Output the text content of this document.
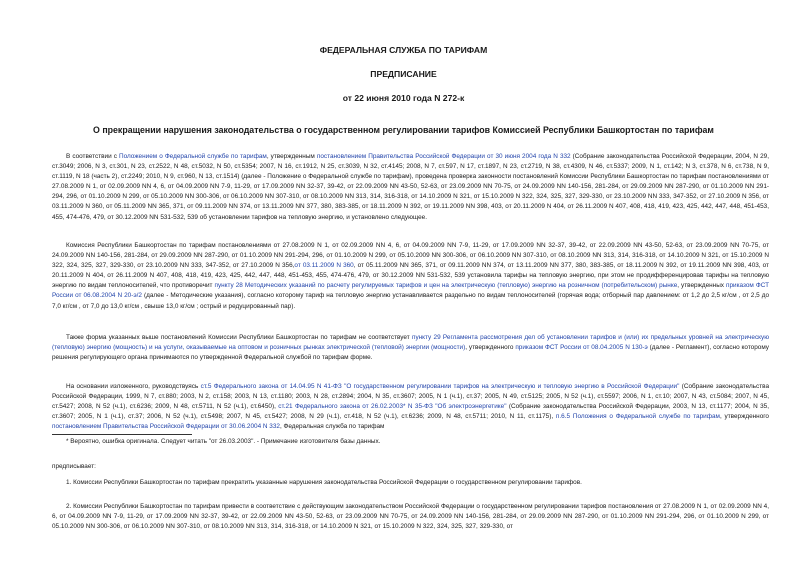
ФЕДЕРАЛЬНАЯ СЛУЖБА ПО ТАРИФАМ
ПРЕДПИСАНИЕ
от 22 июня 2010 года N 272-к
О прекращении нарушения законодательства о государственном регулировании тарифов Комиссией Республики Башкортостан по тарифам

В соответствии с Положением о Федеральной службе по тарифам, утвержденным постановлением Правительства Российской Федерации от 30 июня 2004 года N 332 (Собрание законодательства Российской Федерации, 2004, N 29, ст.3049; 2006, N 3, ст.301, N 23, ст.2522, N 48, ст.5032, N 50, ст.5354; 2007, N 16, ст.1912, N 25, ст.3039, N 32, ст.4145; 2008, N 7, ст.597, N 17, ст.1897, N 23, ст.2719, N 38, ст.4309, N 46, ст.5337; 2009, N 1, ст.142; N 3, ст.378, N 6, ст.738, N 9, ст.1119, N 18 (часть 2), ст.2249; 2010, N 9, ст.960, N 13, ст.1514) (далее - Положение о Федеральной службе по тарифам), проведена проверка законности постановлений Комиссии Республики Башкортостан по тарифам постановлениями от 27.08.2009 N 1, от 02.09.2009 NN 4, 6, от 04.09.2009 NN 7-9, 11-29, от 17.09.2009 NN 32-37, 39-42, от 22.09.2009 NN 43-50, 52-63, от 23.09.2009 NN 70-75, от 24.09.2009 NN 140-156, 281-284, от 29.09.2009 NN 287-290, от 01.10.2009 NN 291-294, 296, от 01.10.2009 N 299, от 05.10.2009 NN 300-306, от 06.10.2009 NN 307-310, от 08.10.2009 NN 313, 314, 316-318, от 14.10.2009 N 321, от 15.10.2009 N 322, 324, 325, 327, 329-330, от 23.10.2009 NN 333, 347-352, от 27.10.2009 N 356, от 03.11.2009 N 360, от 05.11.2009 NN 365, 371, от 09.11.2009 NN 374, от 13.11.2009 NN 377, 380, 383-385, от 18.11.2009 N 392, от 19.11.2009 NN 398, 403, от 20.11.2009 N 404, от 26.11.2009 N 407, 408, 418, 419, 423, 425, 442, 447, 448, 451-453, 455, 474-476, 479, от 30.12.2009 NN 531-532, 539 об установлении тарифов на тепловую энергию, и установлено следующее.

Комиссия Республики Башкортостан по тарифам постановлениями от 27.08.2009 N 1, от 02.09.2009 NN 4, 6, от 04.09.2009 NN 7-9, 11-29, от 17.09.2009 NN 32-37, 39-42, от 22.09.2009 NN 43-50, 52-63, от 23.09.2009 NN 70-75, от 24.09.2009 NN 140-156, 281-284, от 29.09.2009 NN 287-290, от 01.10.2009 NN 291-294, 296, от 01.10.2009 N 299, от 05.10.2009 NN 300-306, от 06.10.2009 NN 307-310, от 08.10.2009 NN 313, 314, 316-318, от 14.10.2009 N 321, от 15.10.2009 N 322, 324, 325, 327, 329-330, от 23.10.2009 NN 333, 347-352, от 27.10.2009 N 356,от 03.11.2009 N 360, от 05.11.2009 NN 365, 371, от 09.11.2009 NN 374, от 13.11.2009 NN 377, 380, 383-385, от 18.11.2009 N 392, от 19.11.2009 NN 398, 403, от 20.11.2009 N 404, от 26.11.2009 N 407, 408, 418, 419, 423, 425, 442, 447, 448, 451-453, 455, 474-476, 479, от 30.12.2009 NN 531-532, 539 установила тарифы на тепловую энергию, при этом не продифференцировав тарифы на тепловую энергию по видам теплоносителей, что противоречит пункту 28 Методических указаний по расчету регулируемых тарифов и цен на электрическую (тепловую) энергию на розничном (потребительском) рынке, утвержденных приказом ФСТ России от 06.08.2004 N 20-э/2 (далее - Методические указания), согласно которому тариф на тепловую энергию устанавливается раздельно по видам теплоносителей (горячая вода; отборный пар давлением: от 1,2 до 2,5 кг/см , от 2,5 до 7,0 кг/см , от 7,0 до 13,0 кг/см , свыше 13,0 кг/см ; острый и редуцированный пар).

Также форма указанных выше постановлений Комиссии Республики Башкортостан по тарифам не соответствует пункту 29 Регламента рассмотрения дел об установлении тарифов и (или) их предельных уровней на электрическую (тепловую) энергию (мощность) и на услуги, оказываемые на оптовом и розничных рынках электрической (тепловой) энергии (мощности), утвержденного приказом ФСТ России от 08.04.2005 N 130-э (далее - Регламент), согласно которому решения регулирующего органа принимаются по утвержденной Федеральной службой по тарифам форме.

На основании изложенного, руководствуясь ст.5 Федерального закона от 14.04.95 N 41-ФЗ "О государственном регулировании тарифов на электрическую и тепловую энергию в Российской Федерации" (Собрание законодательства Российской Федерации, 1999, N 7, ст.880; 2003, N 2, ст.158; 2003, N 13, ст.1180; 2003, N 28, ст.2894; 2004, N 35, ст.3607; 2005, N 1 (ч.1), ст.37; 2005, N 49, ст.5125; 2005, N 52 (ч.1), ст.5597; 2006, N 1, ст.10; 2007, N 43, ст.5084; 2007, N 45, ст.5427; 2008, N 52 (ч.1), ст.6236; 2009, N 48, ст.5711, N 52 (ч.1), ст.6450), ст.21 Федерального закона от 26.02.2003* N 35-ФЗ "Об электроэнергетике" (Собрание законодательства Российской Федерации, 2003, N 13, ст.1177; 2004, N 35, ст.3607; 2005, N 1 (ч.1), ст.37; 2006, N 52 (ч.1), ст.5498; 2007, N 45, ст.5427; 2008, N 29 (ч.1), ст.418, N 52 (ч.1), ст.6236; 2009, N 48, ст.5711; 2010, N 11, ст.1175), п.6.5 Положения о Федеральной службе по тарифам, утвержденного постановлением Правительства Российской Федерации от 30.06.2004 N 332, Федеральная служба по тарифам

* Вероятно, ошибка оригинала. Следует читать "от 26.03.2003". - Примечание изготовителя базы данных.

предписывает:

1. Комиссии Республики Башкортостан по тарифам прекратить указанные нарушения законодательства Российской Федерации о государственном регулировании тарифов.

2. Комиссии Республики Башкортостан по тарифам привести в соответствие с действующим законодательством Российской Федерации о государственном регулировании тарифов постановления от 27.08.2009 N 1, от 02.09.2009 NN 4, 6, от 04.09.2009 NN 7-9, 11-29, от 17.09.2009 NN 32-37, 39-42, от 22.09.2009 NN 43-50, 52-63, от 23.09.2009 NN 70-75, от 24.09.2009 NN 140-156, 281-284, от 29.09.2009 NN 287-290, от 01.10.2009 NN 291-294, 296, от 01.10.2009 N 299, от 05.10.2009 NN 300-306, от 06.10.2009 NN 307-310, от 08.10.2009 NN 313, 314, 316-318, от 14.10.2009 N 321, от 15.10.2009 N 322, 324, 325, 327, 329-330, от
